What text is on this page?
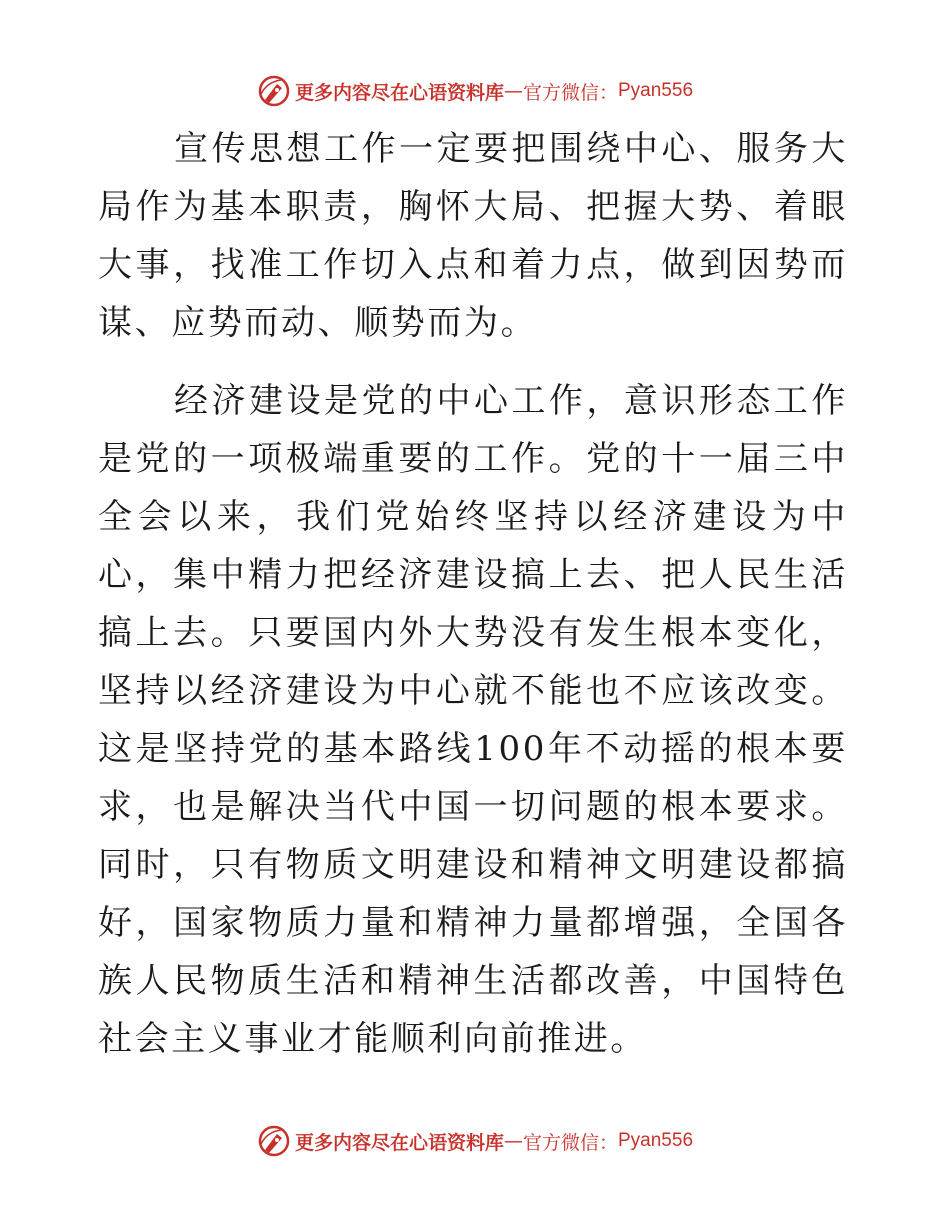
更多内容尽在心语资料库 — 官方微信： Pyan556

宣传思想工作一定要把围绕中心、服务大局作为基本职责，胸怀大局、把握大势、着眼大事，找准工作切入点和着力点，做到因势而谋、应势而动、顺势而为。

经济建设是党的中心工作，意识形态工作是党的一项极端重要的工作。党的十一届三中全会以来，我们党始终坚持以经济建设为中心，集中精力把经济建设搞上去、把人民生活搞上去。只要国内外大势没有发生根本变化，坚持以经济建设为中心就不能也不应该改变。这是坚持党的基本路线100年不动摇的根本要求，也是解决当代中国一切问题的根本要求。同时，只有物质文明建设和精神文明建设都搞好，国家物质力量和精神力量都增强，全国各族人民物质生活和精神生活都改善，中国特色社会主义事业才能顺利向前推进。

更多内容尽在心语资料库 — 官方微信： Pyan556
